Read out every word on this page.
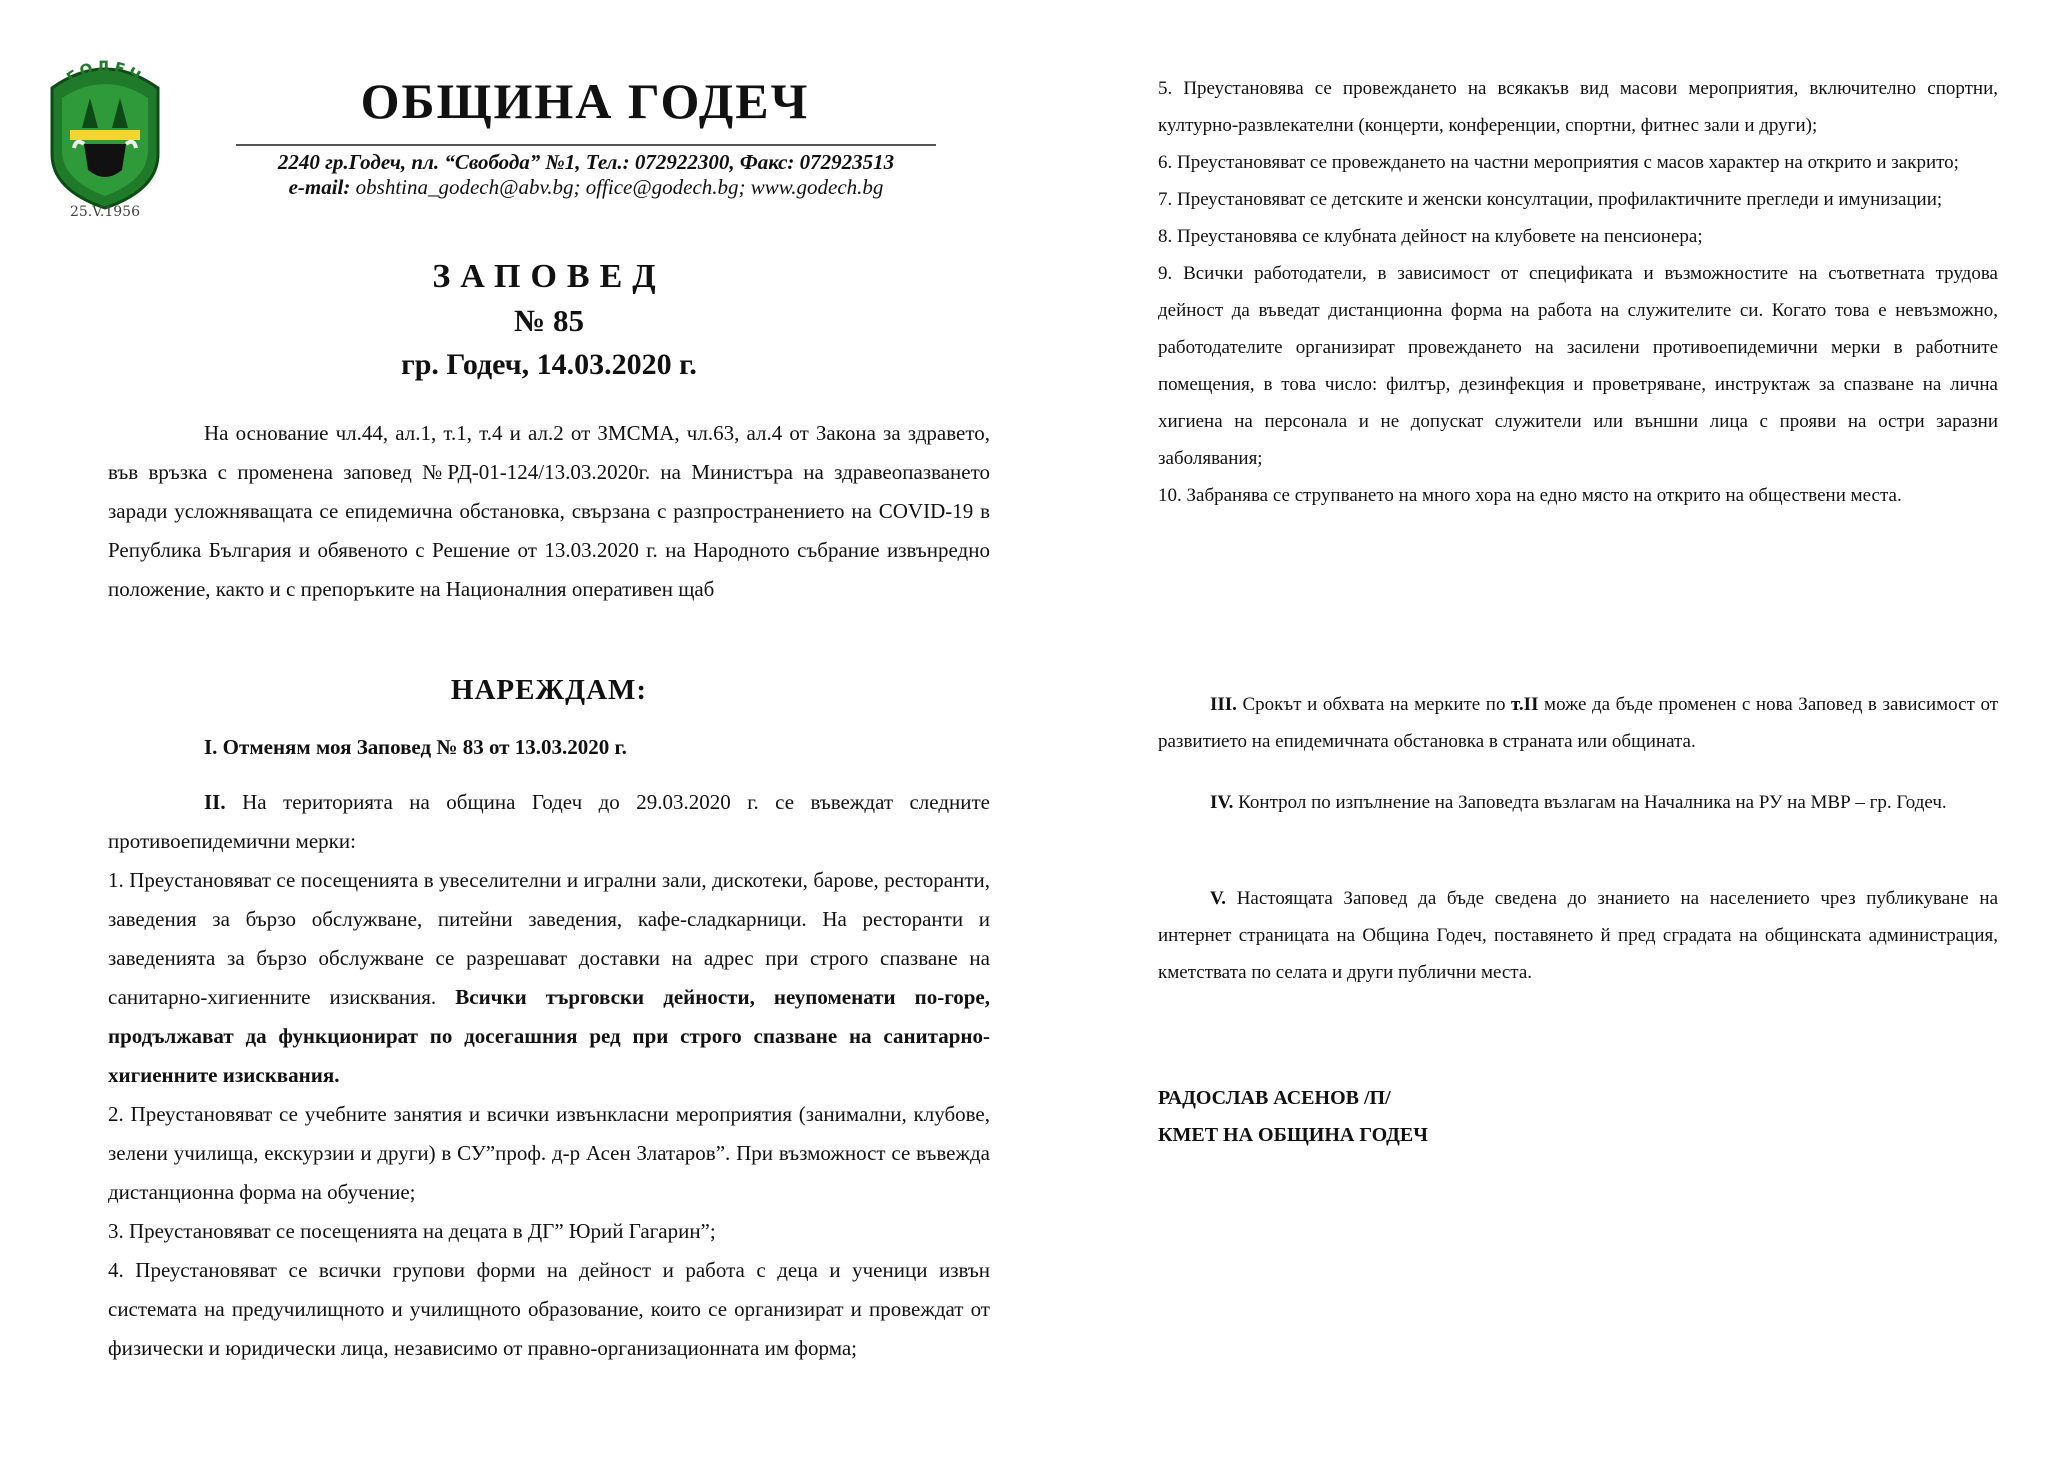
ГОДЕЧ
25.V.1956
ОБЩИНА ГОДЕЧ
2240 гр.Годеч, пл. “Свобода” №1, Тел.: 072922300, Факс: 072923513
e-mail: obshtina_godech@abv.bg; office@godech.bg; www.godech.bg
ЗАПОВЕД
№ 85
гр. Годеч, 14.03.2020 г.

На основание чл.44, ал.1, т.1, т.4 и ал.2 от ЗМСМА, чл.63, ал.4 от Закона за здравето, във връзка с променена заповед №РД-01-124/13.03.2020г. на Министъра на здравеопазването заради усложняващата се епидемична обстановка, свързана с разпространението на COVID-19 в Република България и обявеното с Решение от 13.03.2020 г. на Народното събрание извънредно положение, както и с препоръките на Националния оперативен щаб

НАРЕЖДАМ:
I. Отменям моя Заповед № 83 от 13.03.2020 г.

II. На територията на община Годеч до 29.03.2020 г. се въвеждат следните противоепидемични мерки:

1. Преустановяват се посещенията в увеселителни и игрални зали, дискотеки, барове, ресторанти, заведения за бързо обслужване, питейни заведения, кафе-сладкарници. На ресторанти и заведенията за бързо обслужване се разрешават доставки на адрес при строго спазване на санитарно-хигиенните изисквания. Всички търговски дейности, неупоменати по-горе, продължават да функционират по досегашния ред при строго спазване на санитарно-хигиенните изисквания.

2. Преустановяват се учебните занятия и всички извънкласни мероприятия (занимални, клубове, зелени училища, екскурзии и други) в СУ”проф. д-р Асен Златаров”. При възможност се въвежда дистанционна форма на обучение;

3. Преустановяват се посещенията на децата в ДГ” Юрий Гагарин”;

4. Преустановяват се всички групови форми на дейност и работа с деца и ученици извън системата на предучилищното и училищното образование, които се организират и провеждат от физически и юридически лица, независимо от правно-организационната им форма;

5. Преустановява се провеждането на всякакъв вид масови мероприятия, включително спортни, културно-развлекателни (концерти, конференции, спортни, фитнес зали и други);

6. Преустановяват се провеждането на частни мероприятия с масов характер на открито и закрито;

7. Преустановяват се детските и женски консултации, профилактичните прегледи и имунизации;

8. Преустановява се клубната дейност на клубовете на пенсионера;

9. Всички работодатели, в зависимост от спецификата и възможностите на съответната трудова дейност да въведат дистанционна форма на работа на служителите си. Когато това е невъзможно, работодателите организират провеждането на засилени противоепидемични мерки в работните помещения, в това число: филтър, дезинфекция и проветряване, инструктаж за спазване на лична хигиена на персонала и не допускат служители или външни лица с прояви на остри заразни заболявания;

10. Забранява се струпването на много хора на едно място на открито на обществени места.

III. Срокът и обхвата на мерките по т.II може да бъде променен с нова Заповед в зависимост от развитието на епидемичната обстановка в страната или общината.

IV. Контрол по изпълнение на Заповедта възлагам на Началника на РУ на МВР – гр. Годеч.

V. Настоящата Заповед да бъде сведена до знанието на населението чрез публикуване на интернет страницата на Община Годеч, поставянето й пред сградата на общинската администрация, кметствата по селата и други публични места.

РАДОСЛАВ АСЕНОВ /П/
КМЕТ НА ОБЩИНА ГОДЕЧ
